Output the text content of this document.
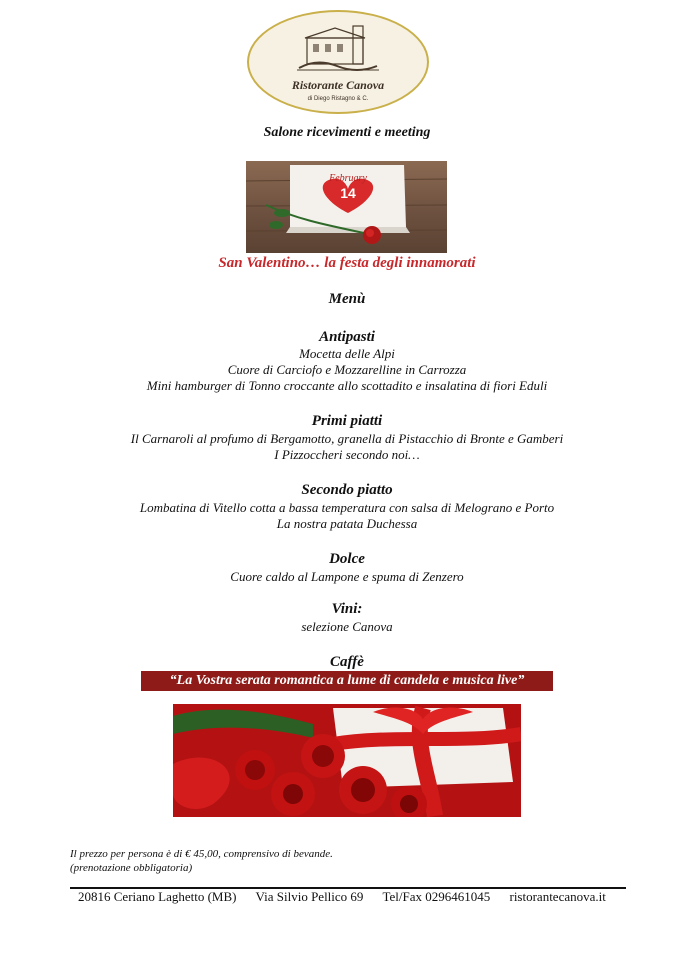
Ristorante Canova
di Diego Ristagno & C.
Salone ricevimenti e meeting
February
14
San Valentino… la festa degli innamorati
Menù
Antipasti
Mocetta delle Alpi
Cuore di Carciofo e Mozzarelline in Carrozza
Mini hamburger di Tonno croccante allo scottadito e insalatina di fiori Eduli
Primi piatti
Il Carnaroli al profumo di Bergamotto, granella di Pistacchio di Bronte e Gamberi
I Pizzoccheri secondo noi…
Secondo piatto
Lombatina di Vitello cotta a bassa temperatura con salsa di Melograno e Porto
La nostra patata Duchessa
Dolce
Cuore caldo al Lampone e spuma di Zenzero
Vini:
selezione Canova
Caffè
“La Vostra serata romantica a lume di candela e musica live”
Il prezzo per persona è di € 45,00, comprensivo di bevande.
(prenotazione obbligatoria)
20816 Ceriano Laghetto (MB) Via Silvio Pellico 69 Tel/Fax 0296461045 ristorantecanova.it
